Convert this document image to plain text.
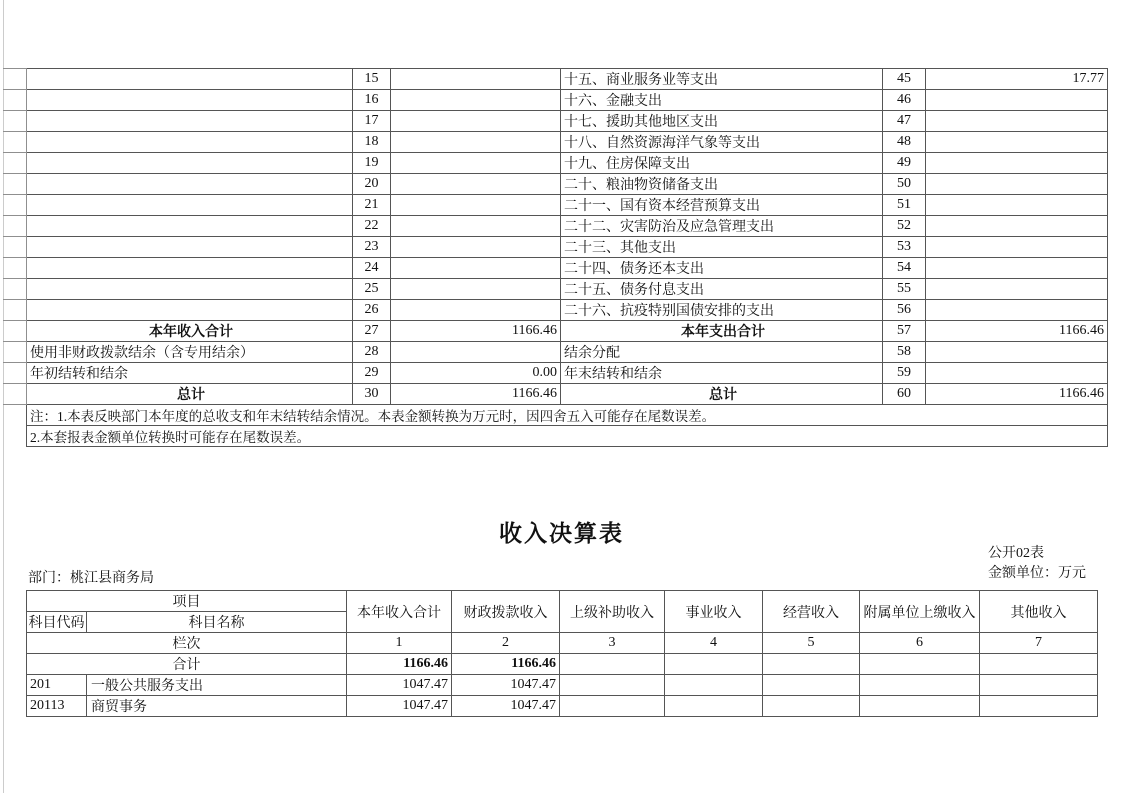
		15		十五、商业服务业等支出	45	17.77
		16		十六、金融支出	46	
		17		十七、援助其他地区支出	47	
		18		十八、自然资源海洋气象等支出	48	
		19		十九、住房保障支出	49	
		20		二十、粮油物资储备支出	50	
		21		二十一、国有资本经营预算支出	51	
		22		二十二、灾害防治及应急管理支出	52	
		23		二十三、其他支出	53	
		24		二十四、债务还本支出	54	
		25		二十五、债务付息支出	55	
		26		二十六、抗疫特别国债安排的支出	56	
	本年收入合计	27	1166.46	本年支出合计	57	1166.46
	使用非财政拨款结余（含专用结余）	28		结余分配	58	
	年初结转和结余	29	0.00	年末结转和结余	59	
	总计	30	1166.46	总计	60	1166.46
	注：1.本表反映部门本年度的总收支和年末结转结余情况。本表金额转换为万元时，因四舍五入可能存在尾数误差。					
	2.本套报表金额单位转换时可能存在尾数误差。					
收入决算表
公开02表
金额单位：万元
部门：桃江县商务局
项目		本年收入合计	财政拨款收入	上级补助收入	事业收入	经营收入	附属单位上缴收入	其他收入
科目代码	科目名称							
栏次		1	2	3	4	5	6	7
合计		1166.46	1166.46					
201	一般公共服务支出	1047.47	1047.47					
20113	商贸事务	1047.47	1047.47					
